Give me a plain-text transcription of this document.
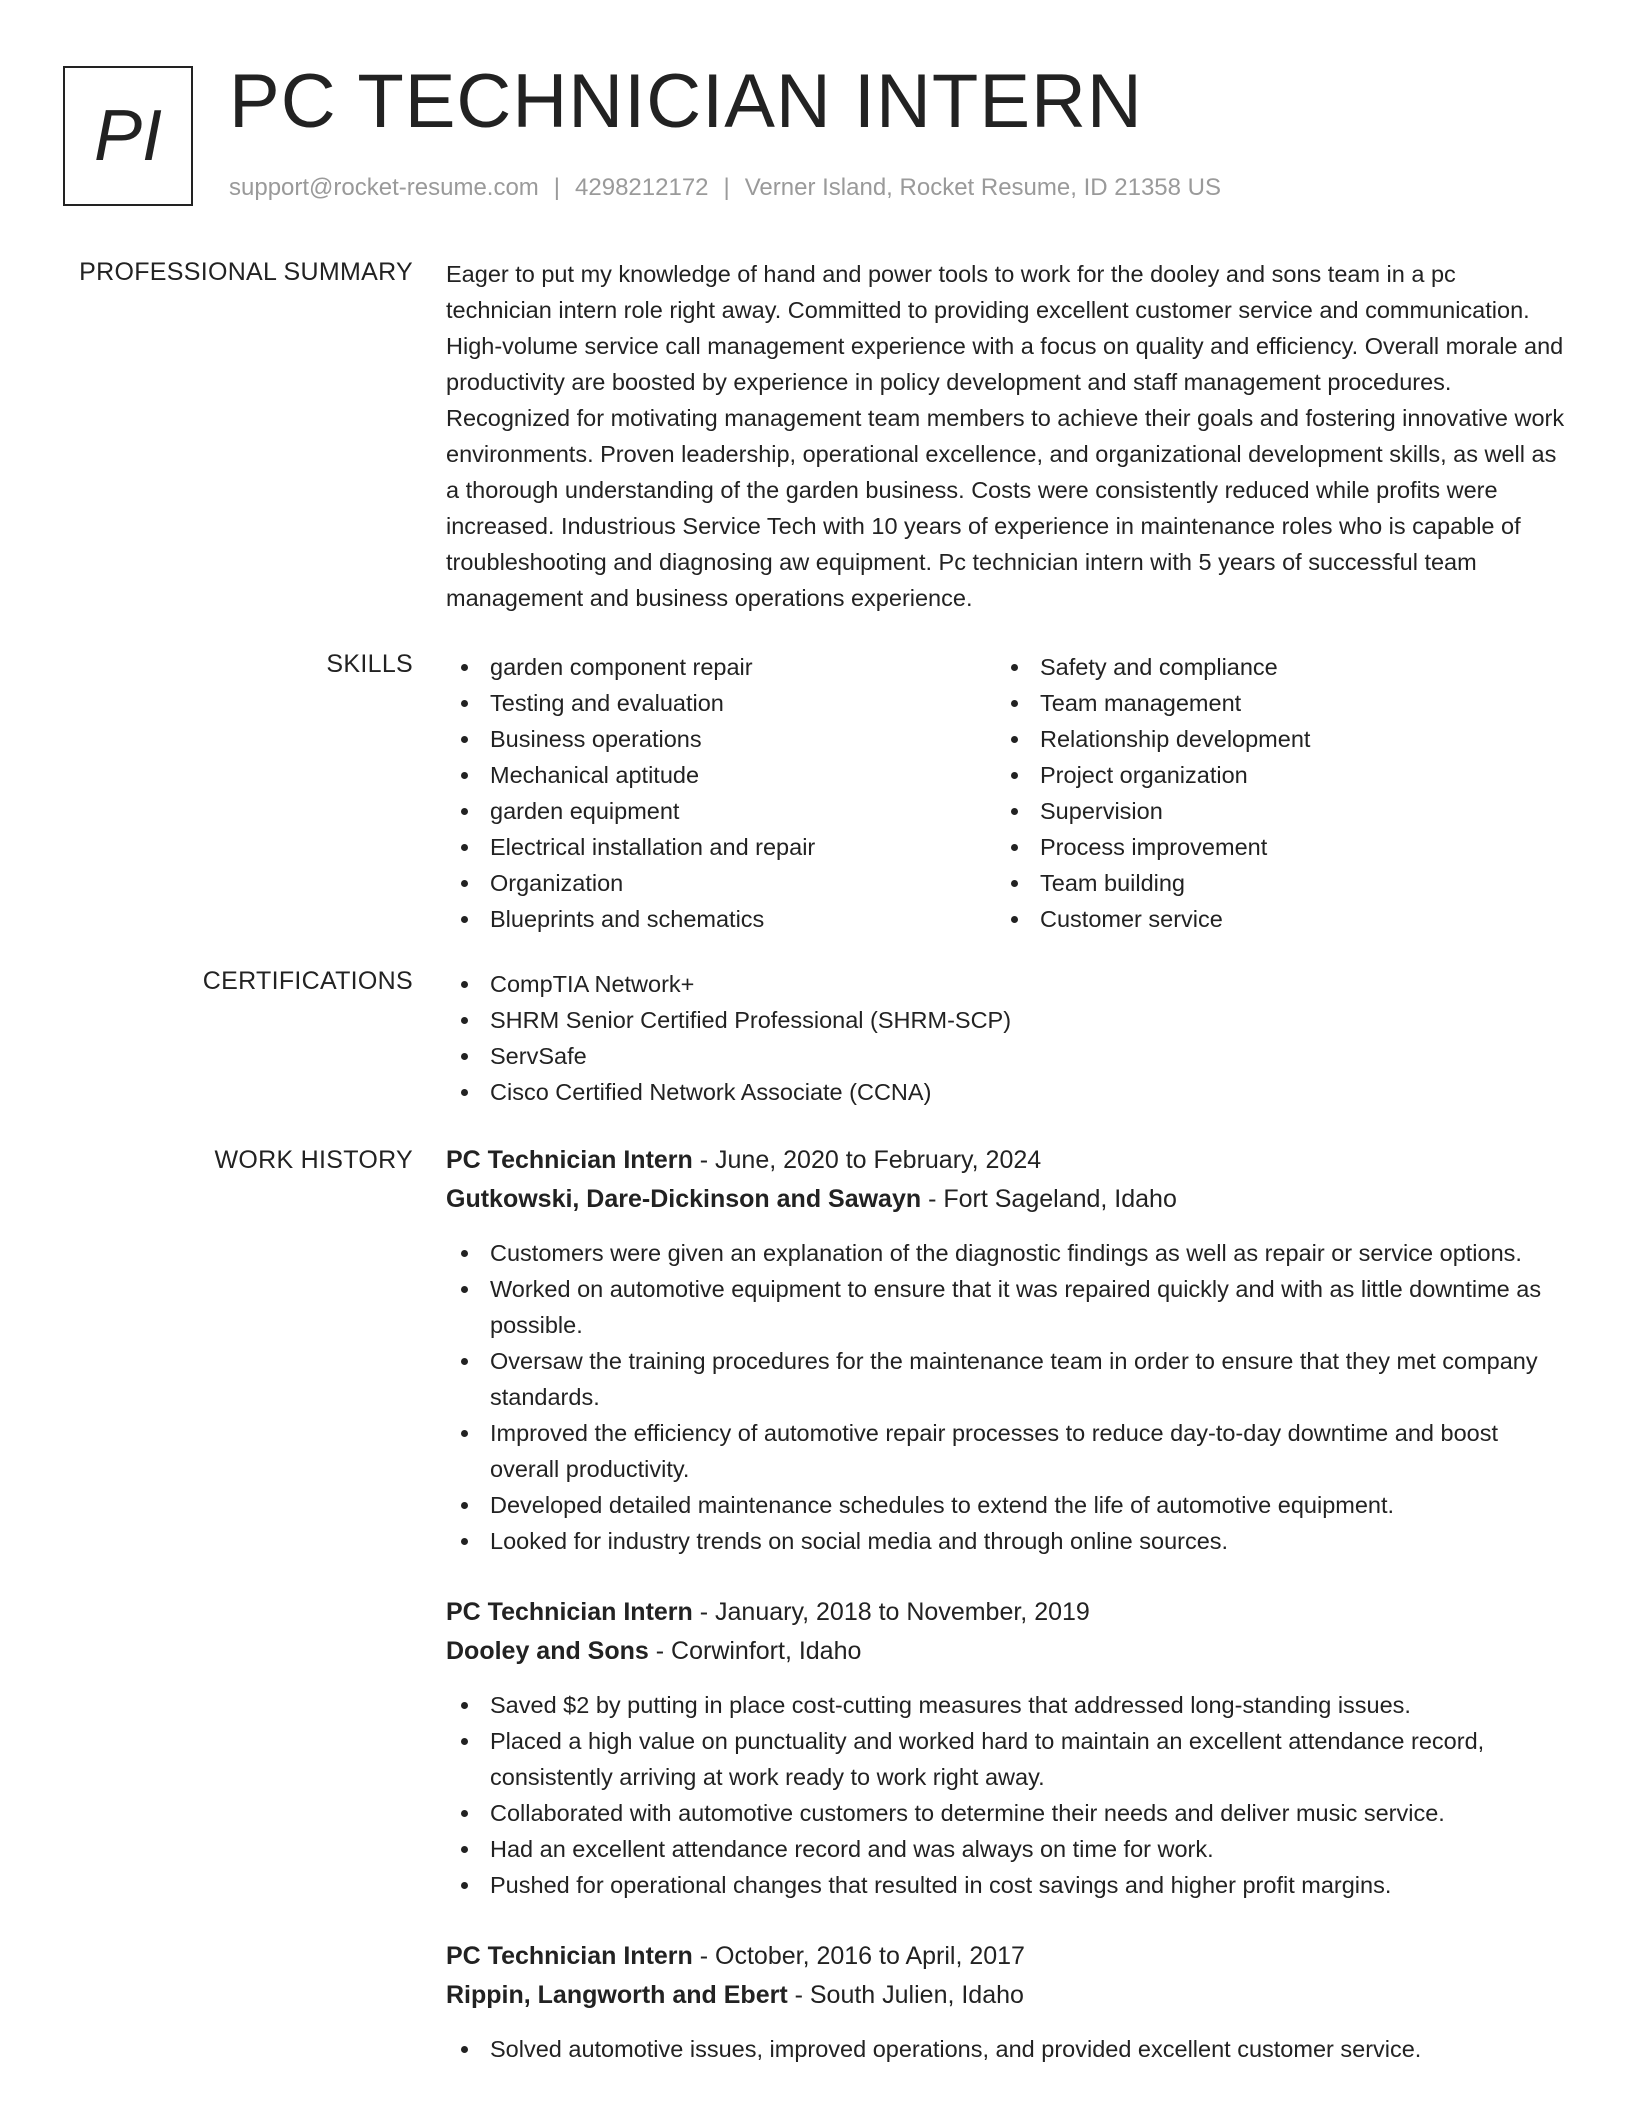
PI PC TECHNICIAN INTERN
support@rocket-resume.com | 4298212172 | Verner Island, Rocket Resume, ID 21358 US
PROFESSIONAL SUMMARY Eager to put my knowledge of hand and power tools to work for the dooley and sons team in a pc technician intern role right away. Committed to providing excellent customer service and communication. High-volume service call management experience with a focus on quality and efficiency. Overall morale and productivity are boosted by experience in policy development and staff management procedures. Recognized for motivating management team members to achieve their goals and fostering innovative work environments. Proven leadership, operational excellence, and organizational development skills, as well as a thorough understanding of the garden business. Costs were consistently reduced while profits were increased. Industrious Service Tech with 10 years of experience in maintenance roles who is capable of troubleshooting and diagnosing aw equipment. Pc technician intern with 5 years of successful team management and business operations experience.

SKILLS	garden component repair
Testing and evaluation
Business operations
Mechanical aptitude
garden equipment
Electrical installation and repair
Organization
Blueprints and schematics
Safety and compliance
Team management
Relationship development
Project organization
Supervision
Process improvement
Team building
Customer service
CERTIFICATIONS	CompTIA Network+
SHRM Senior Certified Professional (SHRM-SCP)
ServSafe
Cisco Certified Network Associate (CCNA)
WORK HISTORY PC Technician Intern - June, 2020 to February, 2024
Gutkowski, Dare-Dickinson and Sawayn - Fort Sageland, Idaho
Customers were given an explanation of the diagnostic findings as well as repair or service options.
Worked on automotive equipment to ensure that it was repaired quickly and with as little downtime as possible.
Oversaw the training procedures for the maintenance team in order to ensure that they met company standards.
Improved the efficiency of automotive repair processes to reduce day-to-day downtime and boost overall productivity.
Developed detailed maintenance schedules to extend the life of automotive equipment.
Looked for industry trends on social media and through online sources.
PC Technician Intern - January, 2018 to November, 2019
Dooley and Sons - Corwinfort, Idaho
Saved $2 by putting in place cost-cutting measures that addressed long-standing issues.
Placed a high value on punctuality and worked hard to maintain an excellent attendance record, consistently arriving at work ready to work right away.
Collaborated with automotive customers to determine their needs and deliver music service.
Had an excellent attendance record and was always on time for work.
Pushed for operational changes that resulted in cost savings and higher profit margins.
PC Technician Intern - October, 2016 to April, 2017
Rippin, Langworth and Ebert - South Julien, Idaho
Solved automotive issues, improved operations, and provided excellent customer service.
